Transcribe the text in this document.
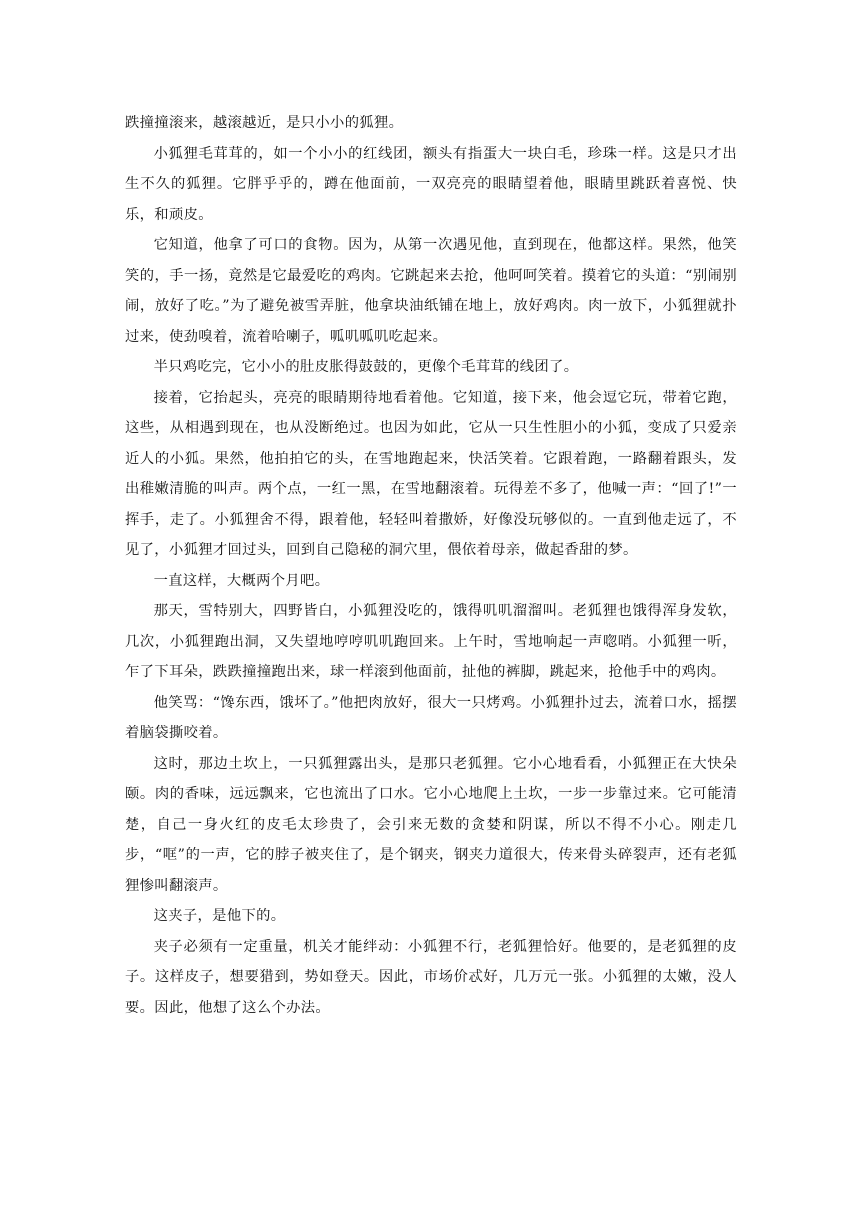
跌撞撞滚来，越滚越近，是只小小的狐狸。

小狐狸毛茸茸的，如一个小小的红线团，额头有指蛋大一块白毛，珍珠一样。这是只才出生不久的狐狸。它胖乎乎的，蹲在他面前，一双亮亮的眼睛望着他，眼睛里跳跃着喜悦、快乐，和顽皮。

它知道，他拿了可口的食物。因为，从第一次遇见他，直到现在，他都这样。果然，他笑笑的，手一扬，竟然是它最爱吃的鸡肉。它跳起来去抢，他呵呵笑着。摸着它的头道：“别闹别闹，放好了吃。”为了避免被雪弄脏，他拿块油纸铺在地上，放好鸡肉。肉一放下，小狐狸就扑过来，使劲嗅着，流着哈喇子，呱叽呱叽吃起来。

半只鸡吃完，它小小的肚皮胀得鼓鼓的，更像个毛茸茸的线团了。

接着，它抬起头，亮亮的眼睛期待地看着他。它知道，接下来，他会逗它玩，带着它跑，这些，从相遇到现在，也从没断绝过。也因为如此，它从一只生性胆小的小狐，变成了只爱亲近人的小狐。果然，他拍拍它的头，在雪地跑起来，快活笑着。它跟着跑，一路翻着跟头，发出稚嫩清脆的叫声。两个点，一红一黑，在雪地翻滚着。玩得差不多了，他喊一声：“回了!”一挥手，走了。小狐狸舍不得，跟着他，轻轻叫着撒娇，好像没玩够似的。一直到他走远了，不见了，小狐狸才回过头，回到自己隐秘的洞穴里，偎依着母亲，做起香甜的梦。

一直这样，大概两个月吧。

那天，雪特别大，四野皆白，小狐狸没吃的，饿得叽叽溜溜叫。老狐狸也饿得浑身发软，几次，小狐狸跑出洞，又失望地哼哼叽叽跑回来。上午时，雪地响起一声唿哨。小狐狸一听，乍了下耳朵，跌跌撞撞跑出来，球一样滚到他面前，扯他的裤脚，跳起来，抢他手中的鸡肉。

他笑骂：“馋东西，饿坏了。”他把肉放好，很大一只烤鸡。小狐狸扑过去，流着口水，摇摆着脑袋撕咬着。

这时，那边土坎上，一只狐狸露出头，是那只老狐狸。它小心地看看，小狐狸正在大快朵颐。肉的香味，远远飘来，它也流出了口水。它小心地爬上土坎，一步一步靠过来。它可能清楚，自己一身火红的皮毛太珍贵了，会引来无数的贪婪和阴谋，所以不得不小心。刚走几步，“哐”的一声，它的脖子被夹住了，是个钢夹，钢夹力道很大，传来骨头碎裂声，还有老狐狸惨叫翻滚声。

这夹子，是他下的。

夹子必须有一定重量，机关才能绊动：小狐狸不行，老狐狸恰好。他要的，是老狐狸的皮子。这样皮子，想要猎到，势如登天。因此，市场价忒好，几万元一张。小狐狸的太嫩，没人要。因此，他想了这么个办法。
